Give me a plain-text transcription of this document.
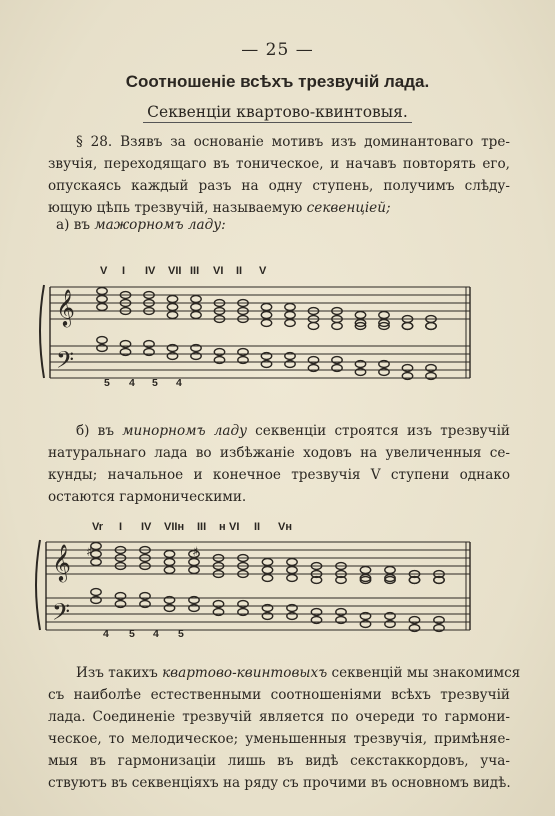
— 25 —
Соотношеніе всѣхъ трезвучій лада.
Секвенціи квартово-квинтовыя.
§ 28. Взявъ за основаніе мотивъ изъ доминантоваго тре-
звучія, переходящаго въ тоническое, и начавъ повторять его,
опускаясь каждый разъ на одну ступень, получимъ слѣду-
ющую цѣпь трезвучій, называемую секвенціей;
а) въ мажорномъ ладу:
𝄞
𝄢
V I IV VII III VI II V
5 4 5 4
б) въ минорномъ ладу секвенціи строятся изъ трезвучій
натуральнаго лада во избѣжаніе ходовъ на увеличенныя се-
кунды; начальное и конечное трезвучія V ступени однако
остаются гармоническими.
𝄞
𝄢
♯	♯
Vr I IV VIIн III н VI II Vн
4 5 4 5
Изъ такихъ квартово-квинтовыхъ секвенцій мы знакомимся
съ наиболѣе естественными соотношеніями всѣхъ трезвучій
лада. Соединеніе трезвучій является по очереди то гармони-
ческое, то мелодическое; уменьшенныя трезвучія, примѣняе-
мыя въ гармонизаціи лишь въ видѣ секстаккордовъ, уча-
ствуютъ въ секвенціяхъ на ряду съ прочими въ основномъ видѣ.
